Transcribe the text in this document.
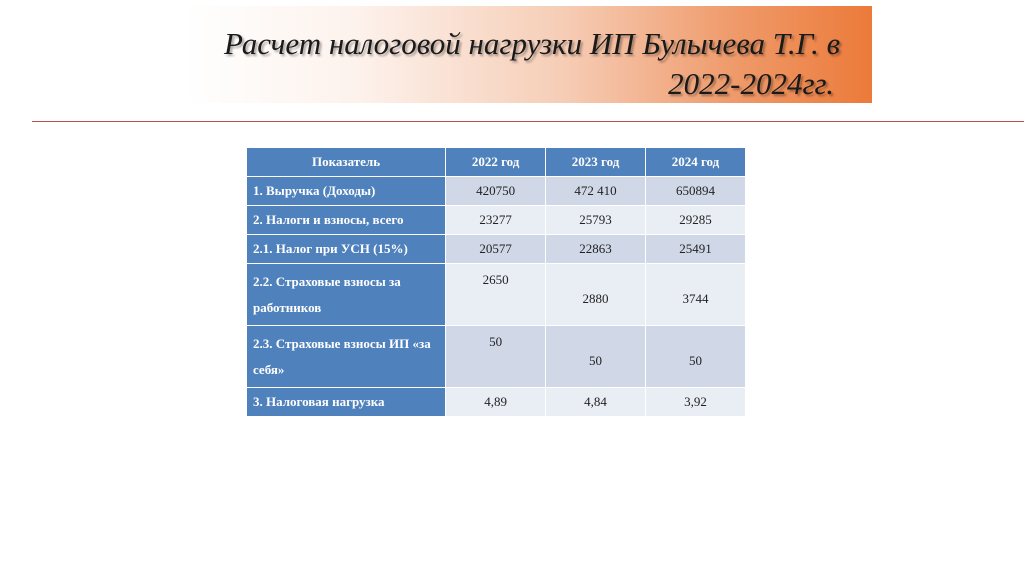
Расчет налоговой нагрузки ИП Булычева Т.Г. в
2022-2024гг.
Показатель	2022 год	2023 год	2024 год
1. Выручка (Доходы)	420750	472 410	650894
2. Налоги и взносы, всего	23277	25793	29285
2.1. Налог при УСН (15%)	20577	22863	25491
2.2. Страховые взносы за работников	2650	2880	3744
2.3. Страховые взносы ИП «за себя»	50	50	50
3. Налоговая нагрузка	4,89	4,84	3,92
